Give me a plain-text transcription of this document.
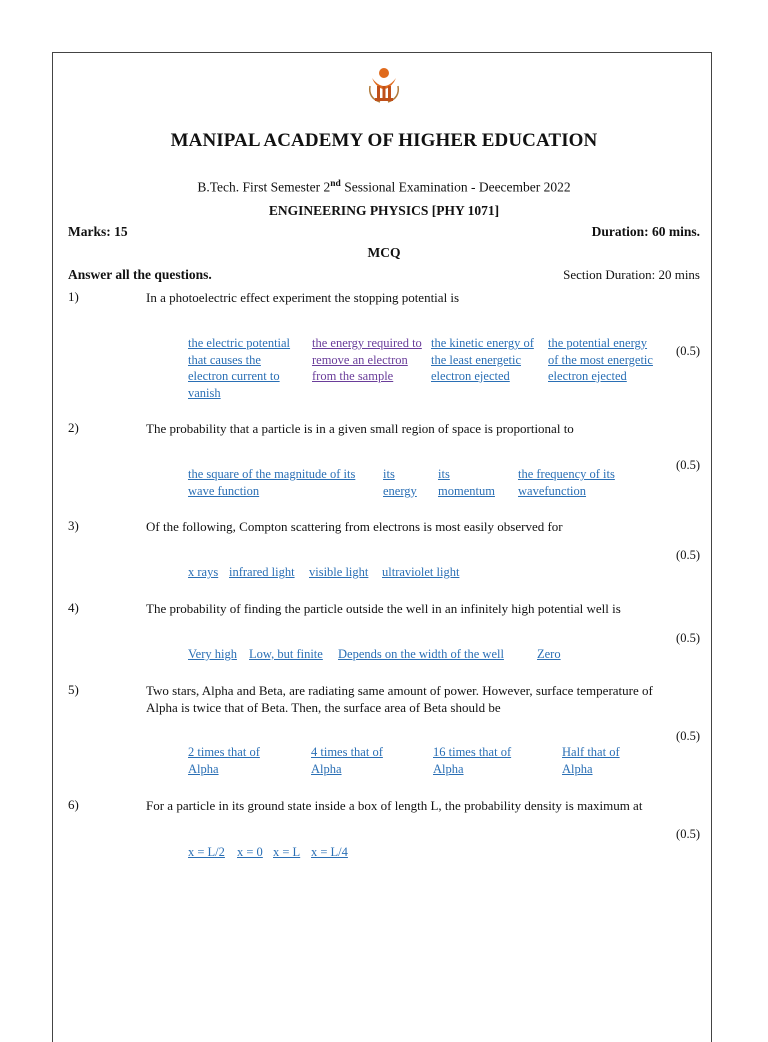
MANIPAL ACADEMY OF HIGHER EDUCATION
B.Tech. First Semester 2nd Sessional Examination - Deecember 2022
ENGINEERING PHYSICS [PHY 1071]
Marks: 15	Duration: 60 mins.
MCQ
Answer all the questions.	Section Duration: 20 mins
1)	In a photoelectric effect experiment the stopping potential is
the electric potential that causes the electron current to vanish
the energy required to remove an electron from the sample
the kinetic energy of the least energetic electron ejected
the potential energy of the most energetic electron ejected
(0.5)
2)	The probability that a particle is in a given small region of space is proportional to
the square of the magnitude of its wave function
its energy
its momentum
the frequency of its wavefunction
(0.5)
3)	Of the following, Compton scattering from electrons is most easily observed for
x rays infrared light visible light ultraviolet light
(0.5)
4)	The probability of finding the particle outside the well in an infinitely high potential well is
Very high Low, but finite Depends on the width of the well	Zero
(0.5)
5)	Two stars, Alpha and Beta, are radiating same amount of power. However, surface temperature of Alpha is twice that of Beta. Then, the surface area of Beta should be
2 times that of Alpha
4 times that of Alpha
16 times that of Alpha
Half that of Alpha
(0.5)
6)	For a particle in its ground state inside a box of length L, the probability density is maximum at
x = L/2 x = 0 x = L x = L/4
(0.5)
